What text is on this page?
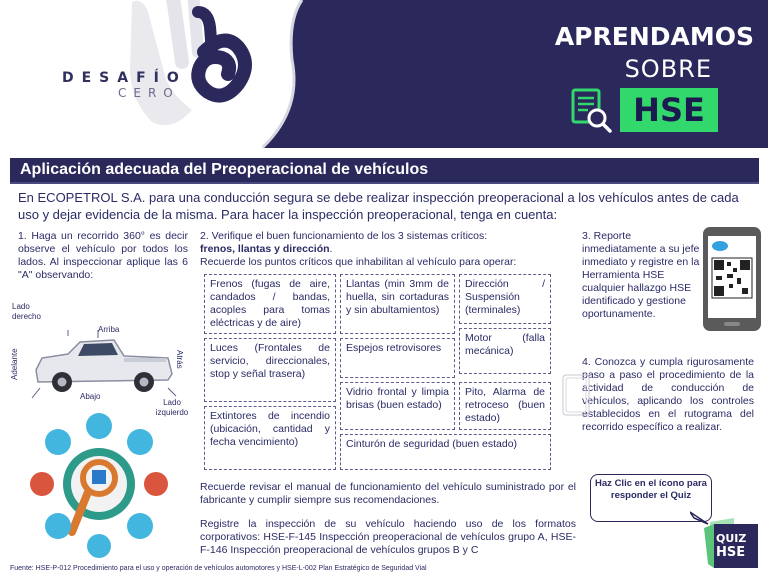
DESAFÍO
CERO
APRENDAMOS
SOBRE
HSE
Aplicación adecuada del Preoperacional de vehículos
En ECOPETROL S.A. para una conducción segura se debe realizar inspección preoperacional a los vehículos antes de cada uso y dejar evidencia de la misma. Para hacer la inspección preoperacional, tenga en cuenta:
1. Haga un recorrido 360° es decir observe el vehículo por todos los lados. Al inspeccionar aplique las 6 "A" observando:
Lado derecho
Arriba
Adelante	Atrás
Abajo
Lado izquierdo
2. Verifique el buen funcionamiento de los 3 sistemas críticos:
frenos, llantas y dirección.
Recuerde los puntos críticos que inhabilitan al vehículo para operar:
Frenos (fugas de aire, candados / bandas, acoples para tomas eléctricas y de aire)
Llantas (min 3mm de huella, sin cortaduras y sin abultamientos)
Dirección / Suspensión (terminales)
Motor (falla mecánica)
Luces (Frontales de servicio, direccionales, stop y señal trasera)
Espejos retrovisores
Vidrio frontal y limpia brisas (buen estado)
Pito, Alarma de retroceso (buen estado)
Extintores de incendio (ubicación, cantidad y fecha vencimiento)	Cinturón de seguridad (buen estado)
Recuerde revisar el manual de funcionamiento del vehículo suministrado por el fabricante y cumplir siempre sus recomendaciones.
Registre la inspección de su vehículo haciendo uso de los formatos corporativos: HSE-F-145 Inspección preoperacional de vehículos grupo A, HSE-F-146 Inspección preoperacional de vehículos grupos B y C
3. Reporte inmediatamente a su jefe inmediato y registre en la Herramienta HSE cualquier hallazgo HSE identificado y gestione oportunamente.
4. Conozca y cumpla rigurosamente paso a paso el procedimiento de la actividad de conducción de vehículos, aplicando los controles establecidos en el rutograma del recorrido específico a realizar.
Haz Clic en el ícono para responder el Quiz
QUIZ
HSE
Fuente: HSE-P-012 Procedimiento para el uso y operación de vehículos automotores y HSE-L-002 Plan Estratégico de Seguridad Vial
